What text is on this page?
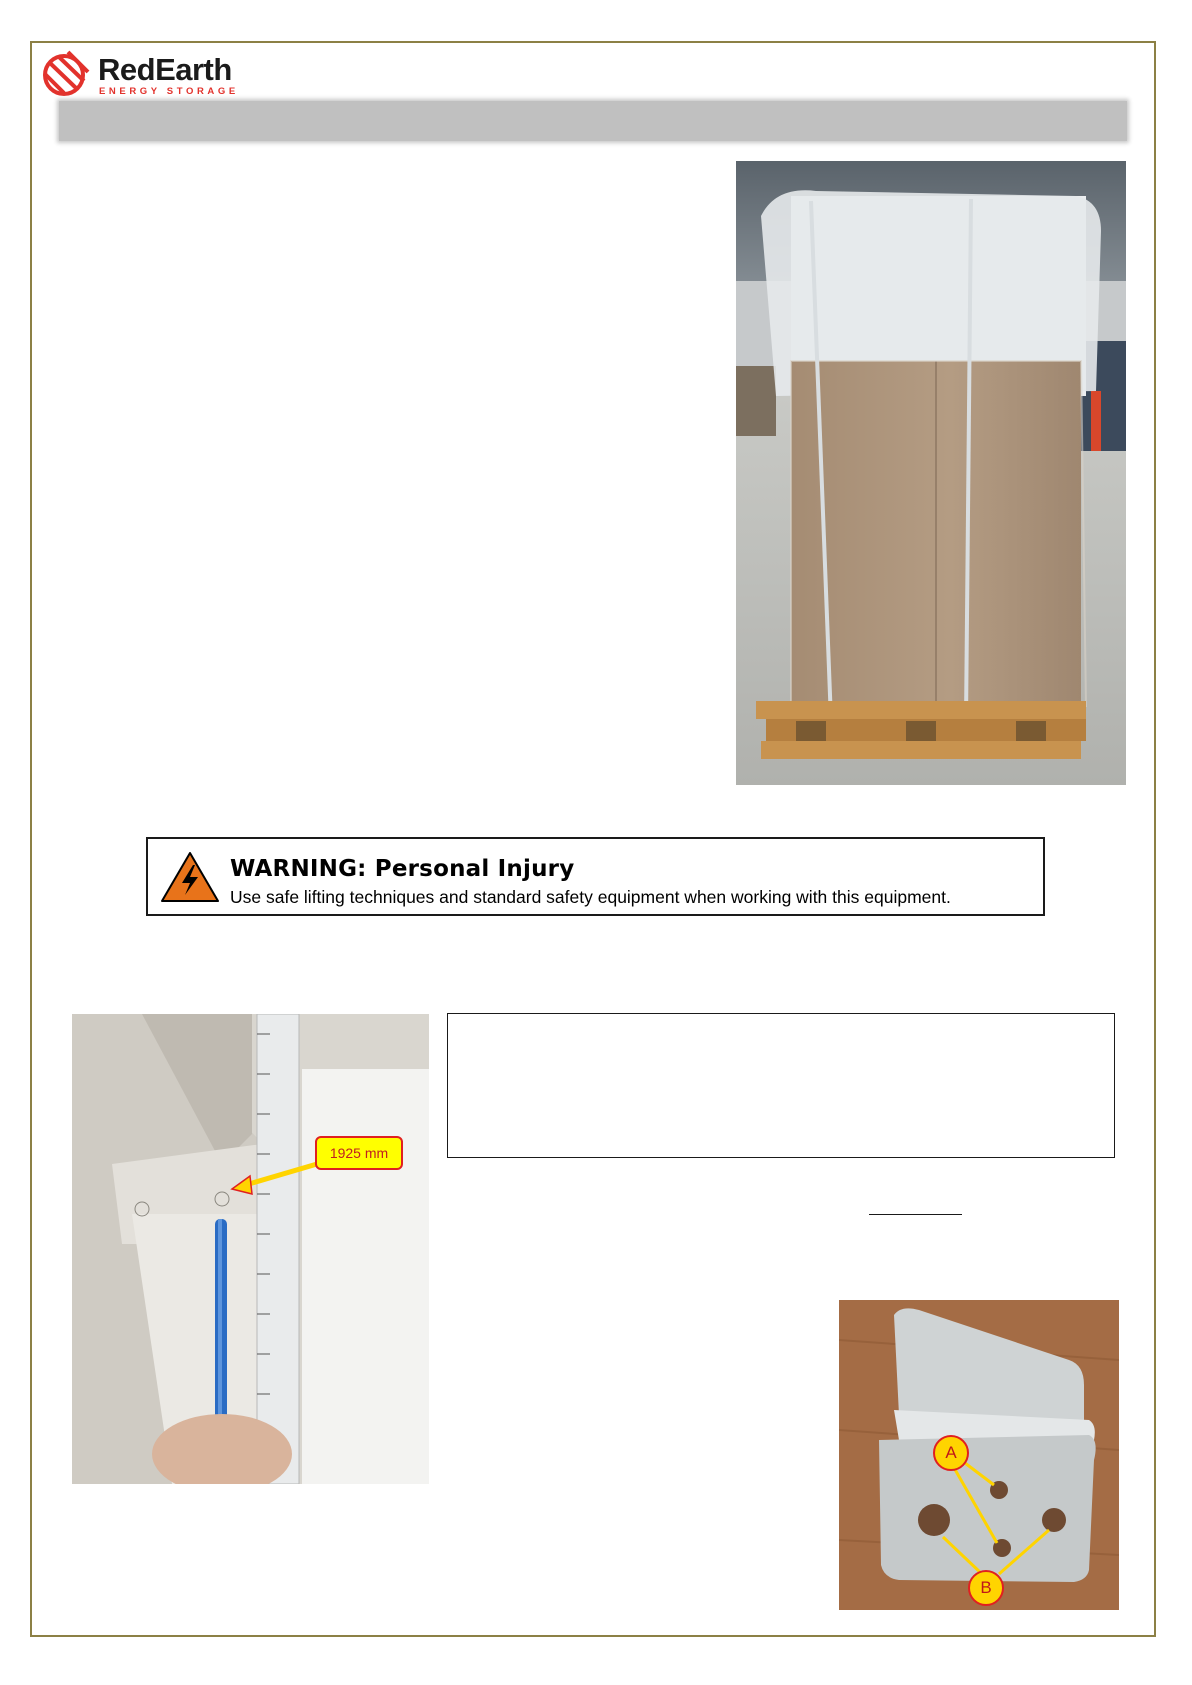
RedEarth
ENERGY STORAGE
WARNING: Personal Injury
Use safe lifting techniques and standard safety equipment when working with this equipment.
1925 mm
A
B
